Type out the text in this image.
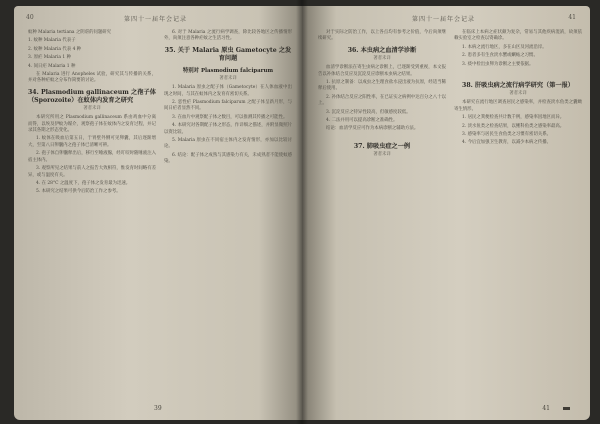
40	第四十一届年会记录

蚊种 Malaria tertiana 之阴虐的问题研究

1. 蚊种 Malaria 代表子

2. 蚊种 Malaria 代表 4 种

3. 原疟 Malaria 1 种

4. 间日疟 Malaria 1 种

在 Malaria 进行 Anopheles 试验，研究其与传播的关系，并对各种疟蚊之分布作简要的讨论。

34. Plasmodium gallinaceum 之孢子体（Sporozoite）在蚊体内发育之研究
著者未详

本研究所用之 Plasmodium gallinaceum 系由鸡血中分离而得，以埃及伊蚊为媒介，观察孢子体在蚊体内之发育过程，并记录其各期之形态变化。

1. 蚊体在吸血后第五日，于胃壁外侧可见卵囊，其后逐渐增大，至第八日卵囊内之孢子体已清晰可辨。

2. 孢子体自卵囊释出后，移行至唾液腺，经叮咬时随唾液注入宿主体内。

3. 观察所见之结果与前人之报告大致相符，惟发育时间略有差异，或与温度有关。

4. 在 28°C 之温度下，孢子体之发育最为迅速。

5. 本研究之结果可供今后防治工作之参考。

6. 对于 Malaria 之流行病学调查，除比较各地区之传播情形外，尚须注意各种疟蚊之生活习性。

35. 关于 Malaria 原虫 Gametocyte 之发育问题
特别对 Plasmodium falciparum
著者未详

1. Malaria 原虫之配子体（Gametocyte）在人体血液中出现之时间，与其在蚊体内之发育有密切关系。

2. 恶性疟 Plasmodium falciparum 之配子体呈新月形，与间日疟者显然不同。

3. 在血片中观察配子体之数目，可以推测其传播之可能性。

4. 本研究对各期配子体之形态，作详细之描述，并附显微照片以资比较。

5. Malaria 原虫在不同宿主体内之发育情形，亦加以比较讨论。

6. 结论：配子体之成熟与其感染力有关，未成熟者不能使蚊感染。

39
第四十一届年会记录	41

对于实际之防治工作，以上各点均有参考之价值，今后尚须继续研究。

36. 本虫病之血清学诊断
著者未详

血清学诊断法在寄生虫病之诊断上，已逐渐受到重视，本文报告以补体结合反应及沉淀反应诊断本虫病之结果。

1. 抗原之制备：以成虫之生理食盐水浸出液为抗原，经适当稀释后使用。

2. 补体结合反应之阳性率，在已证实之病例中达百分之八十以上。

3. 沉淀反应之特异性较高，但敏感度较低。

4. 二法并用可以提高诊断之准确性。

结论：血清学反应可作为本病诊断之辅助方法。

37. 肺吸虫症之一例
著者未详

在临床上本病之症状颇为复杂，常易与其他疾病混淆，故须依赖实验室之检查以资确诊。

1. 本病之流行地区，多在山区及河流沿岸。

2. 患者多有生食淡水蟹或蝲蛄之习惯。

3. 痰中检出虫卵为诊断之主要依据。

38. 肝吸虫病之流行病学研究（第一报）
著者未详

本研究在流行地区调查居民之感染率，并检查淡水鱼类之囊蚴寄生情形。

1. 居民之粪便检查共计数千例，感染率因地区而异。

2. 淡水鱼类之检查结果，以鲤科鱼类之感染率最高。

3. 感染率与居民生食鱼类之习惯有密切关系。

4. 今后宜加强卫生教育，以减少本病之传播。

41
